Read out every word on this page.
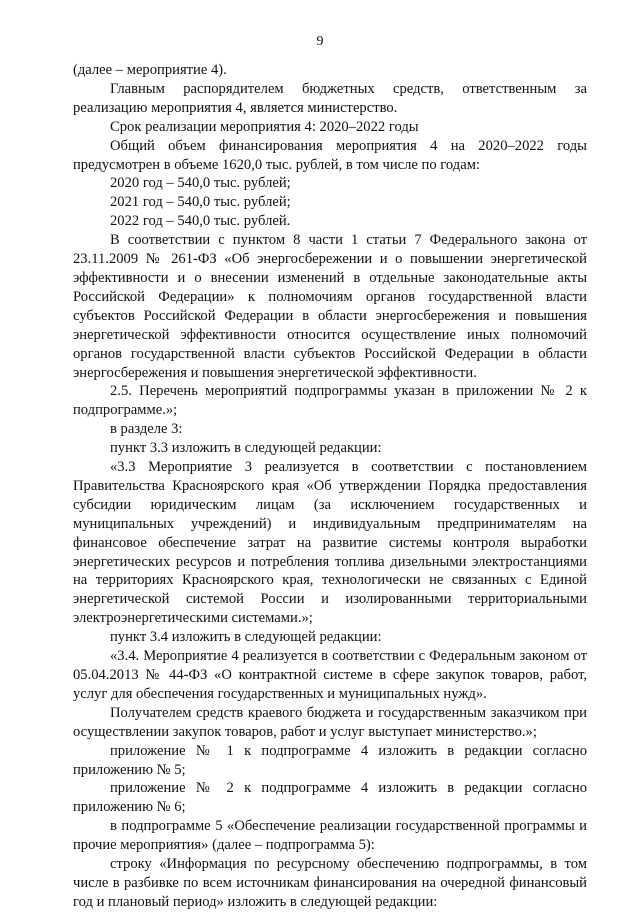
9

(далее – мероприятие 4).

Главным распорядителем бюджетных средств, ответственным за реализацию мероприятия 4, является министерство.

Срок реализации мероприятия 4: 2020–2022 годы

Общий объем финансирования мероприятия 4 на 2020–2022 годы предусмотрен в объеме 1620,0 тыс. рублей, в том числе по годам:

2020 год – 540,0 тыс. рублей;

2021 год – 540,0 тыс. рублей;

2022 год – 540,0 тыс. рублей.

В соответствии с пунктом 8 части 1 статьи 7 Федерального закона от 23.11.2009 № 261-ФЗ «Об энергосбережении и о повышении энергетической эффективности и о внесении изменений в отдельные законодательные акты Российской Федерации» к полномочиям органов государственной власти субъектов Российской Федерации в области энергосбережения и повышения энергетической эффективности относится осуществление иных полномочий органов государственной власти субъектов Российской Федерации в области энергосбережения и повышения энергетической эффективности.

2.5. Перечень мероприятий подпрограммы указан в приложении № 2 к подпрограмме.»;

в разделе 3:

пункт 3.3 изложить в следующей редакции:

«3.3 Мероприятие 3 реализуется в соответствии с постановлением Правительства Красноярского края «Об утверждении Порядка предоставления субсидии юридическим лицам (за исключением государственных и муниципальных учреждений) и индивидуальным предпринимателям на финансовое обеспечение затрат на развитие системы контроля выработки энергетических ресурсов и потребления топлива дизельными электростанциями на территориях Красноярского края, технологически не связанных с Единой энергетической системой России и изолированными территориальными электроэнергетическими системами.»;

пункт 3.4 изложить в следующей редакции:

«3.4. Мероприятие 4 реализуется в соответствии с Федеральным законом от 05.04.2013 № 44-ФЗ «О контрактной системе в сфере закупок товаров, работ, услуг для обеспечения государственных и муниципальных нужд».

Получателем средств краевого бюджета и государственным заказчиком при осуществлении закупок товаров, работ и услуг выступает министерство.»;

приложение № 1 к подпрограмме 4 изложить в редакции согласно приложению № 5;

приложение № 2 к подпрограмме 4 изложить в редакции согласно приложению № 6;

в подпрограмме 5 «Обеспечение реализации государственной программы и прочие мероприятия» (далее – подпрограмма 5):

строку «Информация по ресурсному обеспечению подпрограммы, в том числе в разбивке по всем источникам финансирования на очередной финансовый год и плановый период» изложить в следующей редакции:
